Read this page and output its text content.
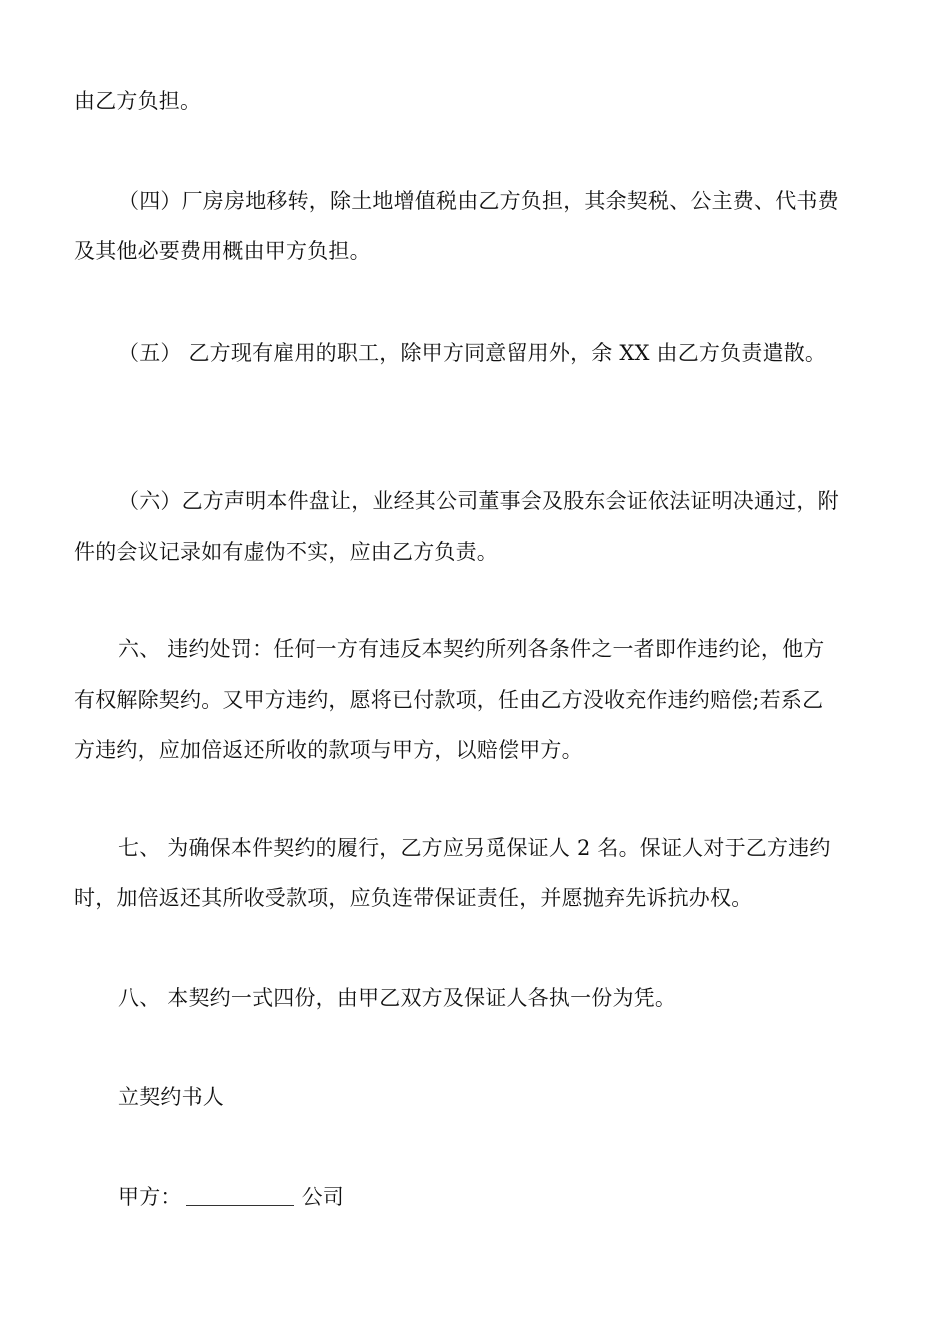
由乙方负担。
（四）厂房房地移转，除土地增值税由乙方负担，其余契税、公主费、代书费
及其他必要费用概由甲方负担。
（五） 乙方现有雇用的职工，除甲方同意留用外，余 XX 由乙方负责遣散。
（六）乙方声明本件盘让，业经其公司董事会及股东会证依法证明决通过，附
件的会议记录如有虚伪不实，应由乙方负责。
六、 违约处罚：任何一方有违反本契约所列各条件之一者即作违约论，他方
有权解除契约。又甲方违约，愿将已付款项，任由乙方没收充作违约赔偿;若系乙
方违约，应加倍返还所收的款项与甲方，以赔偿甲方。
七、 为确保本件契约的履行，乙方应另觅保证人 2 名。保证人对于乙方违约
时，加倍返还其所收受款项，应负连带保证责任，并愿抛弃先诉抗办权。
八、 本契约一式四份，由甲乙双方及保证人各执一份为凭。
立契约书人
甲方：	公司
